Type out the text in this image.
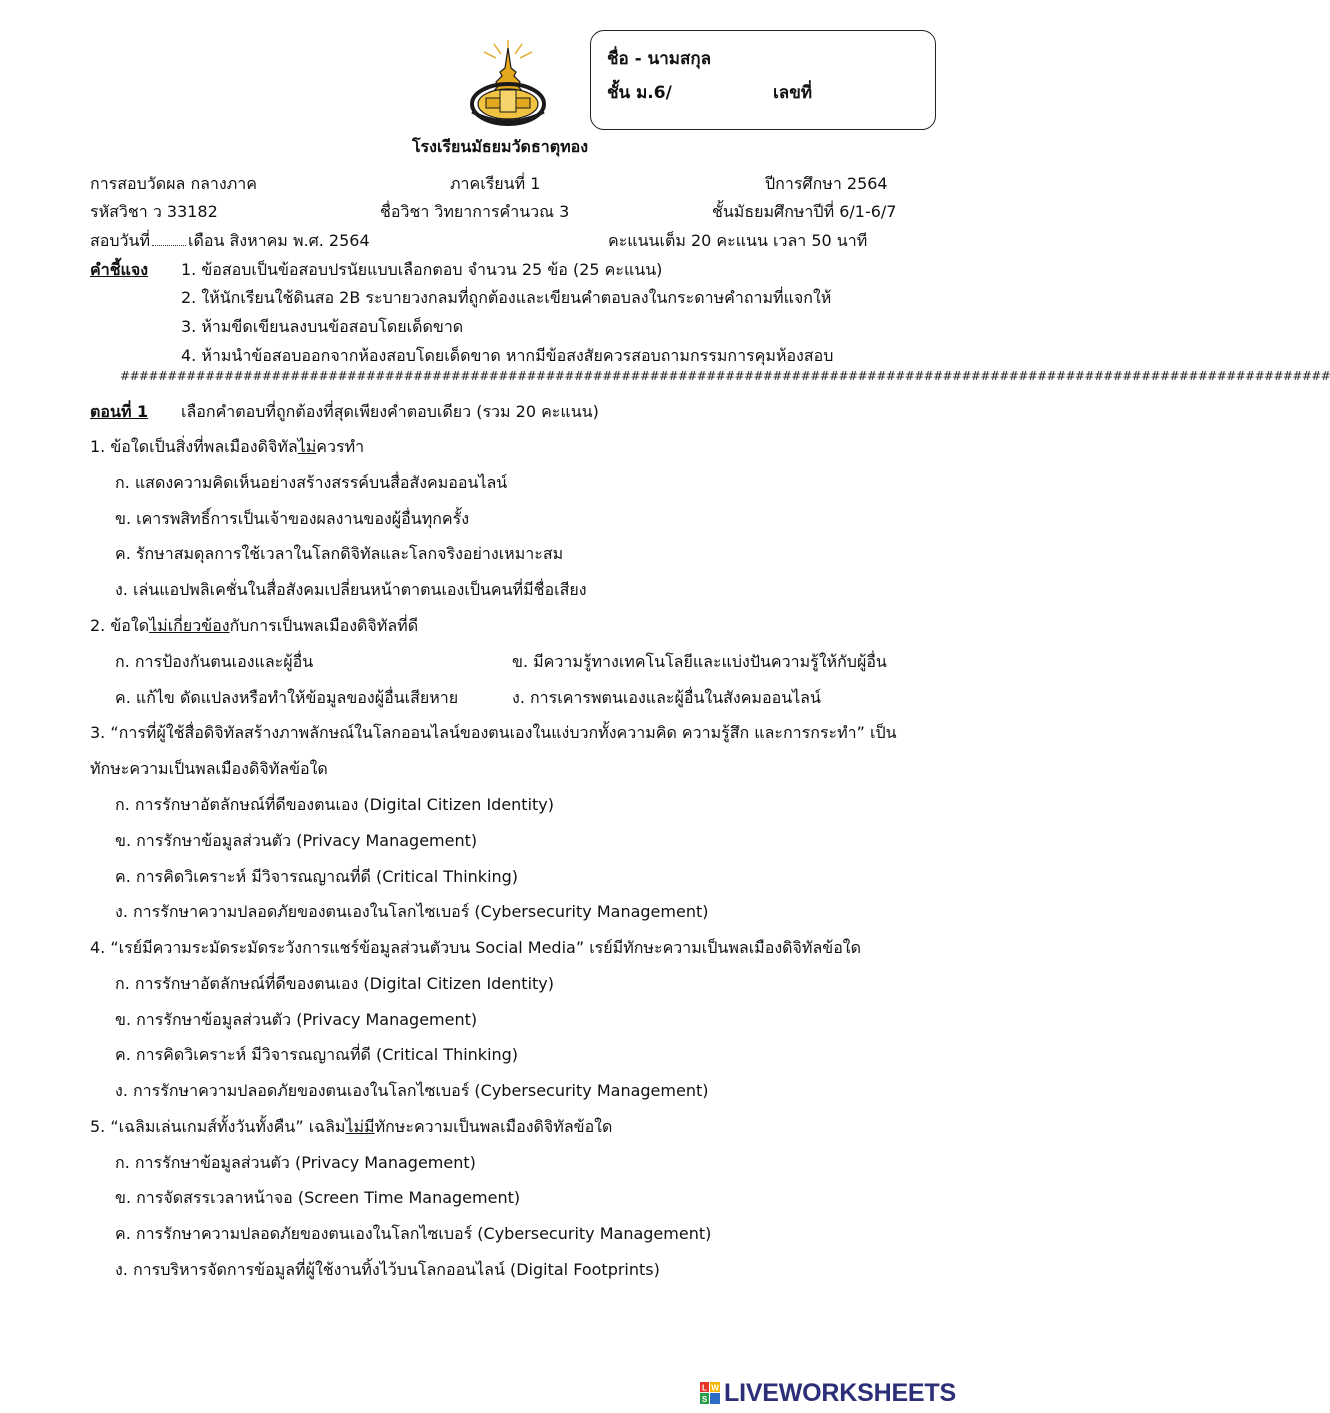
ชื่อ - นามสกุล
ชั้น ม.6/	เลขที่
โรงเรียนมัธยมวัดธาตุทอง
การสอบวัดผล กลางภาค	ภาคเรียนที่ 1	ปีการศึกษา 2564
รหัสวิชา ว 33182	ชื่อวิชา วิทยาการคำนวณ 3	ชั้นมัธยมศึกษาปีที่ 6/1-6/7
สอบวันที่ เดือน สิงหาคม พ.ศ. 2564	คะแนนเต็ม 20 คะแนน เวลา 50 นาที
คำชี้แจง 1. ข้อสอบเป็นข้อสอบปรนัยแบบเลือกตอบ จำนวน 25 ข้อ (25 คะแนน)
2. ให้นักเรียนใช้ดินสอ 2B ระบายวงกลมที่ถูกต้องและเขียนคำตอบลงในกระดาษคำถามที่แจกให้
3. ห้ามขีดเขียนลงบนข้อสอบโดยเด็ดขาด
4. ห้ามนำข้อสอบออกจากห้องสอบโดยเด็ดขาด หากมีข้อสงสัยควรสอบถามกรรมการคุมห้องสอบ
################################################################################################################################
ตอนที่ 1 เลือกคำตอบที่ถูกต้องที่สุดเพียงคำตอบเดียว (รวม 20 คะแนน)
1. ข้อใดเป็นสิ่งที่พลเมืองดิจิทัลไม่ควรทำ
ก. แสดงความคิดเห็นอย่างสร้างสรรค์บนสื่อสังคมออนไลน์
ข. เคารพสิทธิ์การเป็นเจ้าของผลงานของผู้อื่นทุกครั้ง
ค. รักษาสมดุลการใช้เวลาในโลกดิจิทัลและโลกจริงอย่างเหมาะสม
ง. เล่นแอปพลิเคชั่นในสื่อสังคมเปลี่ยนหน้าตาตนเองเป็นคนที่มีชื่อเสียง
2. ข้อใดไม่เกี่ยวข้องกับการเป็นพลเมืองดิจิทัลที่ดี
ก. การป้องกันตนเองและผู้อื่น	ข. มีความรู้ทางเทคโนโลยีและแบ่งปันความรู้ให้กับผู้อื่น
ค. แก้ไข ดัดแปลงหรือทำให้ข้อมูลของผู้อื่นเสียหาย	ง. การเคารพตนเองและผู้อื่นในสังคมออนไลน์
3. “การที่ผู้ใช้สื่อดิจิทัลสร้างภาพลักษณ์ในโลกออนไลน์ของตนเองในแง่บวกทั้งความคิด ความรู้สึก และการกระทำ” เป็น
ทักษะความเป็นพลเมืองดิจิทัลข้อใด
ก. การรักษาอัตลักษณ์ที่ดีของตนเอง (Digital Citizen Identity)
ข. การรักษาข้อมูลส่วนตัว (Privacy Management)
ค. การคิดวิเคราะห์ มีวิจารณญาณที่ดี (Critical Thinking)
ง. การรักษาความปลอดภัยของตนเองในโลกไซเบอร์ (Cybersecurity Management)
4. “เรย์มีความระมัดระมัดระวังการแชร์ข้อมูลส่วนตัวบน Social Media” เรย์มีทักษะความเป็นพลเมืองดิจิทัลข้อใด
ก. การรักษาอัตลักษณ์ที่ดีของตนเอง (Digital Citizen Identity)
ข. การรักษาข้อมูลส่วนตัว (Privacy Management)
ค. การคิดวิเคราะห์ มีวิจารณญาณที่ดี (Critical Thinking)
ง. การรักษาความปลอดภัยของตนเองในโลกไซเบอร์ (Cybersecurity Management)
5. “เฉลิมเล่นเกมส์ทั้งวันทั้งคืน” เฉลิมไม่มีทักษะความเป็นพลเมืองดิจิทัลข้อใด
ก. การรักษาข้อมูลส่วนตัว (Privacy Management)
ข. การจัดสรรเวลาหน้าจอ (Screen Time Management)
ค. การรักษาความปลอดภัยของตนเองในโลกไซเบอร์ (Cybersecurity Management)
ง. การบริหารจัดการข้อมูลที่ผู้ใช้งานทิ้งไว้บนโลกออนไลน์ (Digital Footprints)
L W
S LIVEWORKSHEETS
